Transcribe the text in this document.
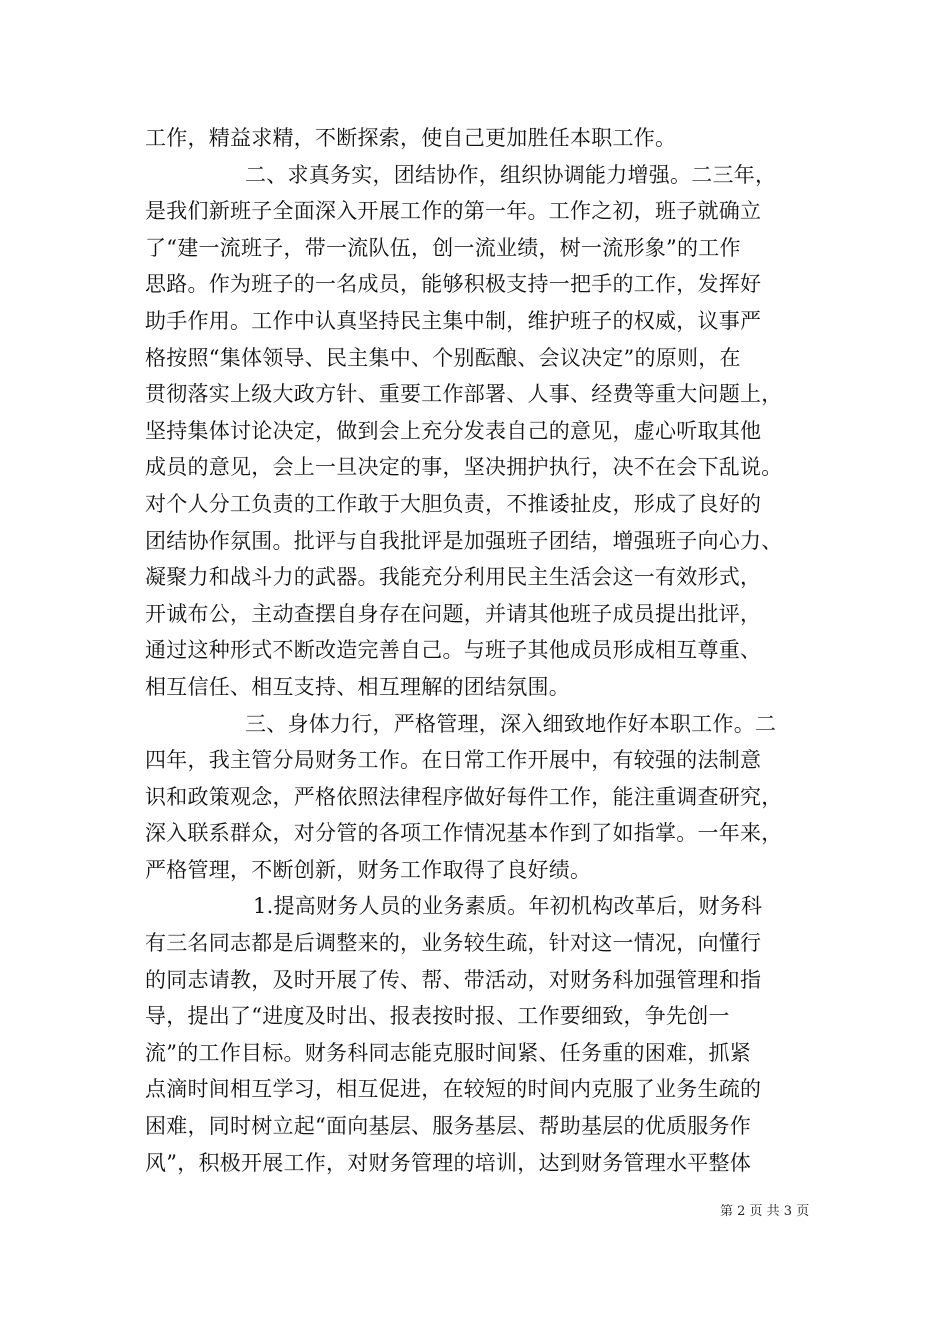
工作，精益求精，不断探索，使自己更加胜任本职工作。
二、求真务实，团结协作，组织协调能力增强。二三年，
是我们新班子全面深入开展工作的第一年。工作之初，班子就确立
了“建一流班子，带一流队伍，创一流业绩，树一流形象”的工作
思路。作为班子的一名成员，能够积极支持一把手的工作，发挥好
助手作用。工作中认真坚持民主集中制，维护班子的权威，议事严
格按照“集体领导、民主集中、个别酝酿、会议决定”的原则，在
贯彻落实上级大政方针、重要工作部署、人事、经费等重大问题上，
坚持集体讨论决定，做到会上充分发表自己的意见，虚心听取其他
成员的意见，会上一旦决定的事，坚决拥护执行，决不在会下乱说。
对个人分工负责的工作敢于大胆负责，不推诿扯皮，形成了良好的
团结协作氛围。批评与自我批评是加强班子团结，增强班子向心力、
凝聚力和战斗力的武器。我能充分利用民主生活会这一有效形式，
开诚布公，主动查摆自身存在问题，并请其他班子成员提出批评，
通过这种形式不断改造完善自己。与班子其他成员形成相互尊重、
相互信任、相互支持、相互理解的团结氛围。
三、身体力行，严格管理，深入细致地作好本职工作。二
四年，我主管分局财务工作。在日常工作开展中，有较强的法制意
识和政策观念，严格依照法律程序做好每件工作，能注重调查研究，
深入联系群众，对分管的各项工作情况基本作到了如指掌。一年来，
严格管理，不断创新，财务工作取得了良好绩。
1.提高财务人员的业务素质。年初机构改革后，财务科
有三名同志都是后调整来的，业务较生疏，针对这一情况，向懂行
的同志请教，及时开展了传、帮、带活动，对财务科加强管理和指
导，提出了“进度及时出、报表按时报、工作要细致，争先创一
流”的工作目标。财务科同志能克服时间紧、任务重的困难，抓紧
点滴时间相互学习，相互促进，在较短的时间内克服了业务生疏的
困难，同时树立起“面向基层、服务基层、帮助基层的优质服务作
风”，积极开展工作，对财务管理的培训，达到财务管理水平整体
第 2 页 共 3 页
